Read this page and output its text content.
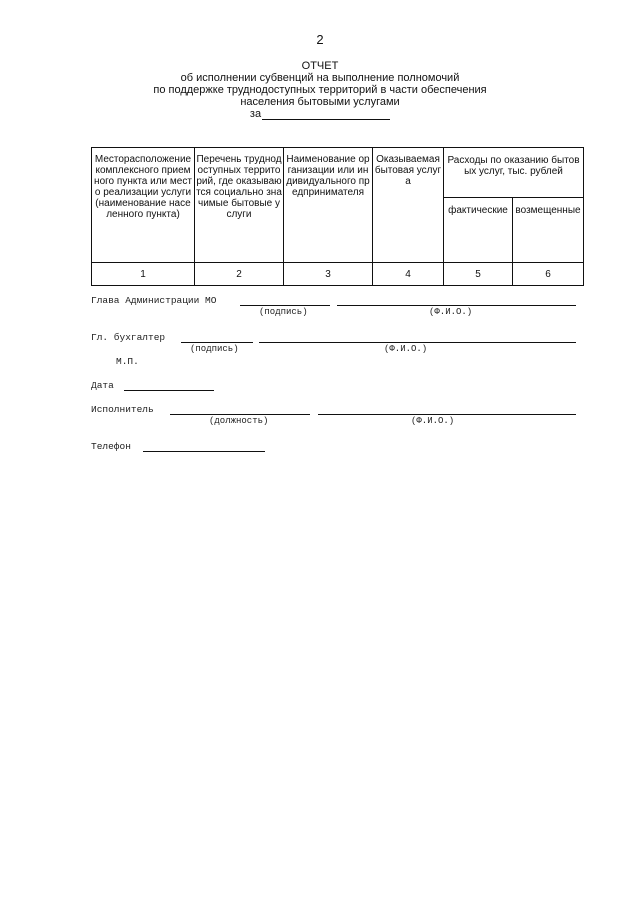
2
ОТЧЕТ
об исполнении субвенций на выполнение полномочий
по поддержке труднодоступных территорий в части обеспечения
населения бытовыми услугами
за
Месторасположение комплексного приемного пункта или место реализации услуги (наименование населенного пункта)	Перечень труднодоступных территорий, где оказываются социально значимые бытовые услуги	Наименование организации или индивидуального предпринимателя	Оказываемая бытовая услуга	Расходы по оказанию бытовых услуг, тыс. рублей	
				фактические	возмещенные
1	2	3	4	5	6
Глава Администрации МО
(подпись)	(Ф.И.О.)
Гл. бухгалтер
(подпись)	(Ф.И.О.)
М.П.
Дата
Исполнитель
(должность)	(Ф.И.О.)
Телефон
